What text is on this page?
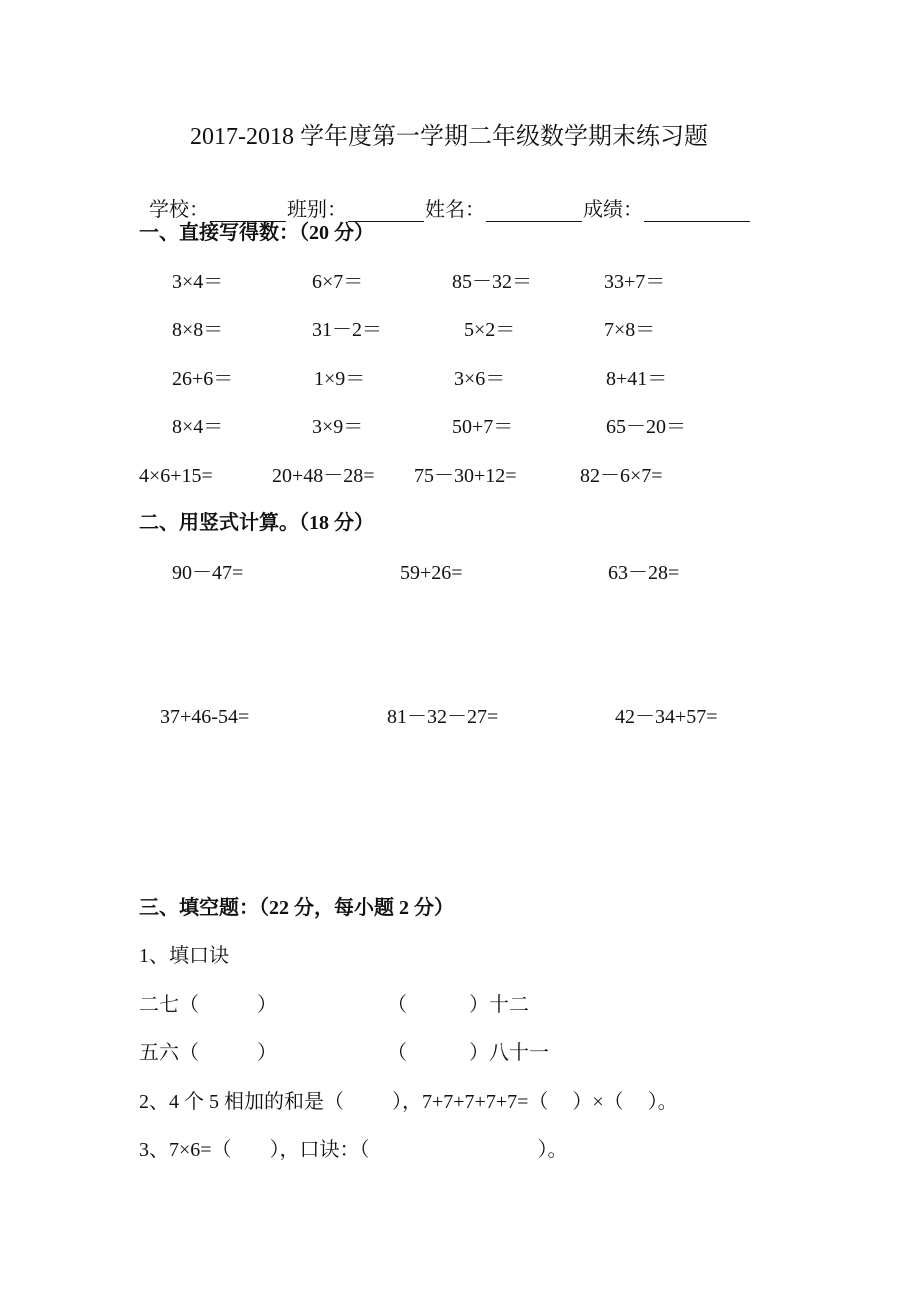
2017-2018 学年度第一学期二年级数学期末练习题

学校：	班别：	姓名：	成绩：

一、直接写得数：（20 分）
3×4＝	6×7＝	85－32＝	33+7＝
8×8＝	31－2＝	5×2＝	7×8＝
26+6＝	1×9＝	3×6＝	8+41＝
8×4＝	3×9＝	50+7＝	65－20＝
4×6+15=	20+48－28= 75－30+12=	82－6×7=
二、用竖式计算。（18 分）
90－47=	59+26=	63－28=
37+46-54=	81－32－27=	42－34+57=
三、填空题：（22 分，每小题 2 分）
1、填口诀
二七（	）	（	）十二
五六（	）	（	）八十一
2、4 个 5 相加的和是（ ），7+7+7+7+7=（ ）×（ ）。
3、7×6=（ ），口诀：（	）。
